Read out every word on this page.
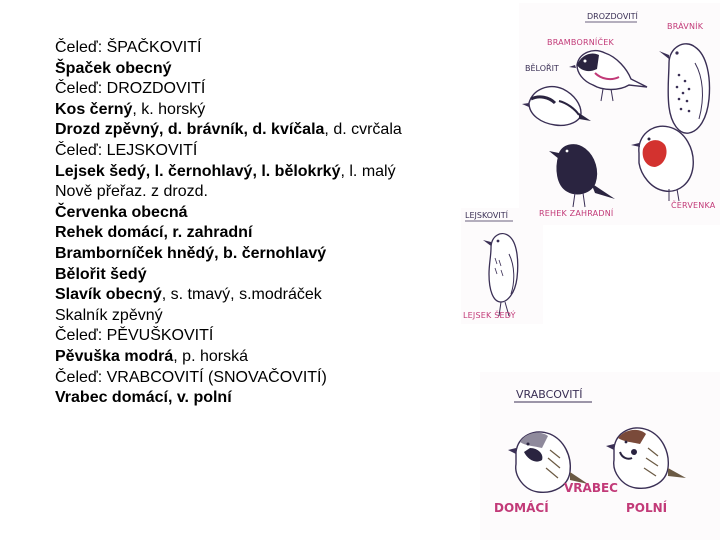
Čeleď: ŠPAČKOVITÍ
Špaček obecný
Čeleď: DROZDOVITÍ
Kos černý, k. horský
Drozd zpěvný, d. brávník, d. kvíčala, d. cvrčala
Čeleď: LEJSKOVITÍ
Lejsek šedý, l. černohlavý, l. bělokrký, l. malý
Nově přeřaz. z drozd.
Červenka obecná
Rehek domácí, r. zahradní
Bramborníček hnědý, b. černohlavý
Bělořit šedý
Slavík obecný, s. tmavý, s.modráček
Skalník zpěvný
Čeleď: PĚVUŠKOVITÍ
Pěvuška modrá, p. horská
Čeleď: VRABCOVITÍ (SNOVAČOVITÍ)
Vrabec domácí, v. polní
DROZDOVITÍ
BRÁVNÍK
BRAMBORNÍČEK
BĚLOŘIT
ČERVENKA
LEJSKOVITÍ	REHEK ZAHRADNÍ
LEJSEK ŠEDÝ
VRABCOVITÍ
VRABEC
DOMÁCÍ	POLNÍ
